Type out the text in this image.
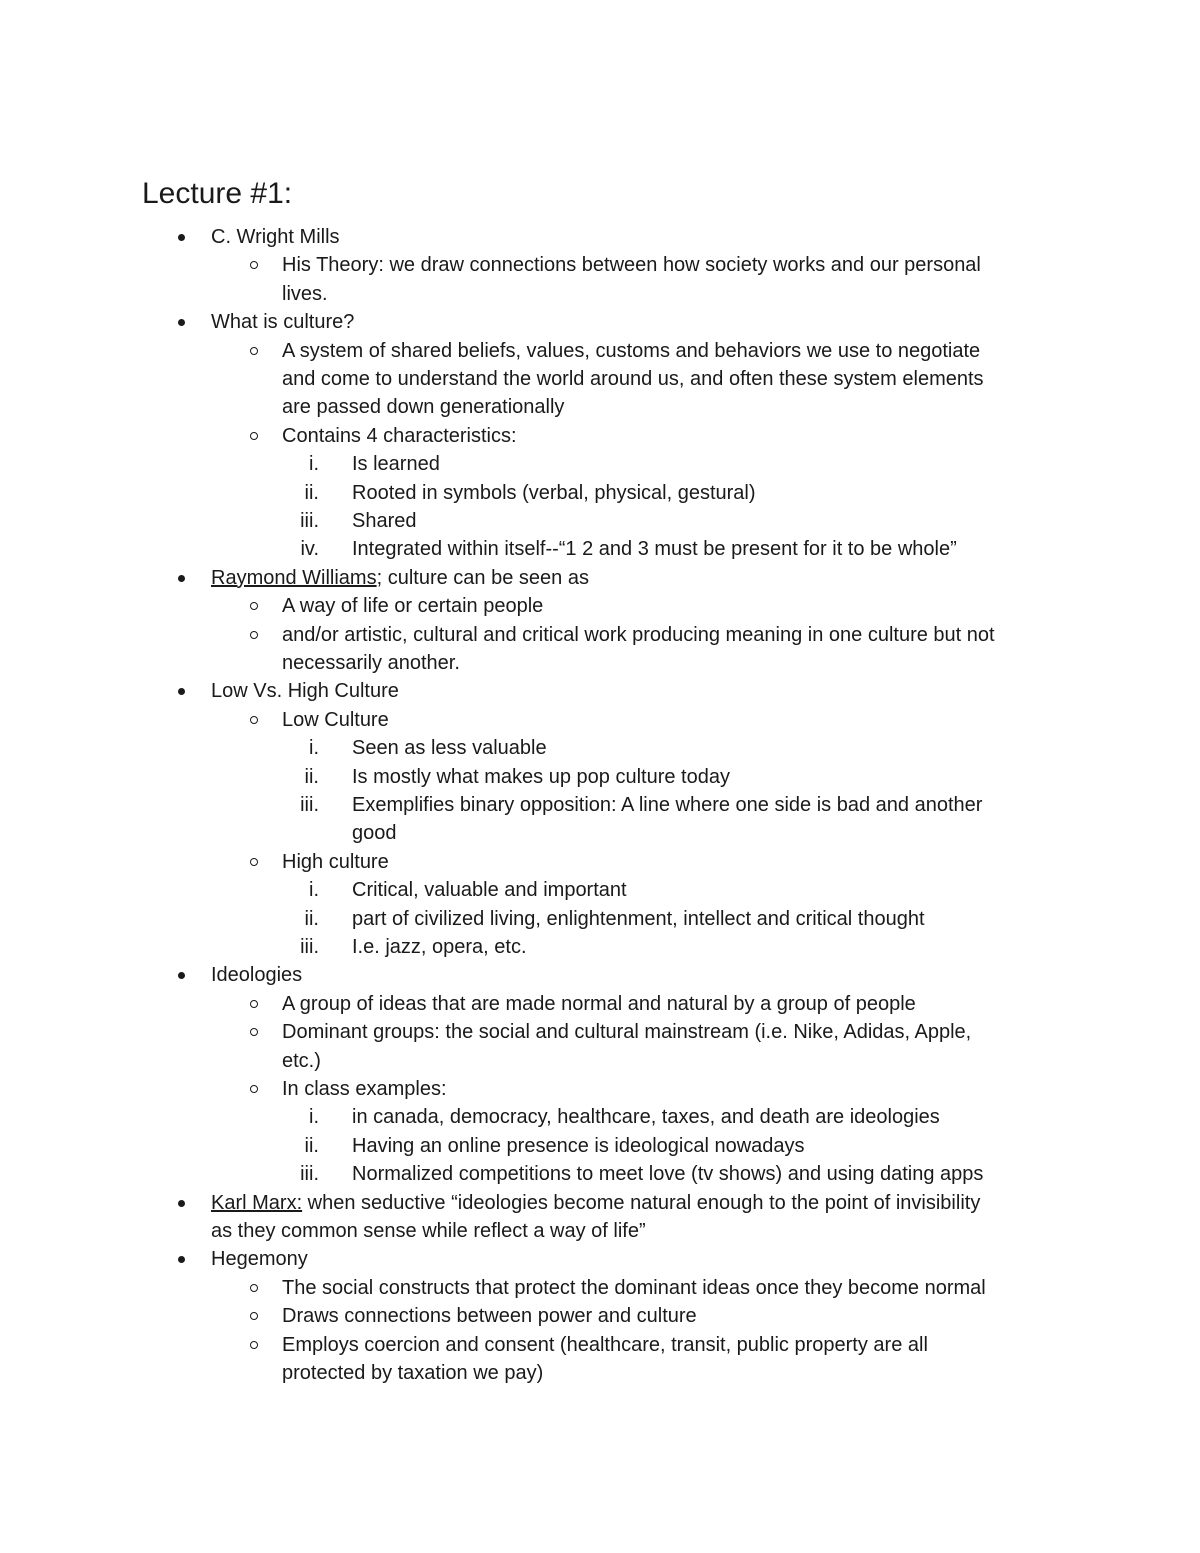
Lecture #1:
C. Wright Mills
His Theory: we draw connections between how society works and our personal
lives.
What is culture?
A system of shared beliefs, values, customs and behaviors we use to negotiate
and come to understand the world around us, and often these system elements
are passed down generationally
Contains 4 characteristics:
i. Is learned
ii. Rooted in symbols (verbal, physical, gestural)
iii. Shared
iv. Integrated within itself--“1 2 and 3 must be present for it to be whole”
Raymond Williams; culture can be seen as
A way of life or certain people
and/or artistic, cultural and critical work producing meaning in one culture but not
necessarily another.
Low Vs. High Culture
Low Culture
i. Seen as less valuable
ii. Is mostly what makes up pop culture today
iii. Exemplifies binary opposition: A line where one side is bad and another
good
High culture
i. Critical, valuable and important
ii. part of civilized living, enlightenment, intellect and critical thought
iii. I.e. jazz, opera, etc.
Ideologies
A group of ideas that are made normal and natural by a group of people
Dominant groups: the social and cultural mainstream (i.e. Nike, Adidas, Apple,
etc.)
In class examples:
i. in canada, democracy, healthcare, taxes, and death are ideologies
ii. Having an online presence is ideological nowadays
iii. Normalized competitions to meet love (tv shows) and using dating apps
Karl Marx: when seductive “ideologies become natural enough to the point of invisibility
as they common sense while reflect a way of life”
Hegemony
The social constructs that protect the dominant ideas once they become normal
Draws connections between power and culture
Employs coercion and consent (healthcare, transit, public property are all
protected by taxation we pay)
